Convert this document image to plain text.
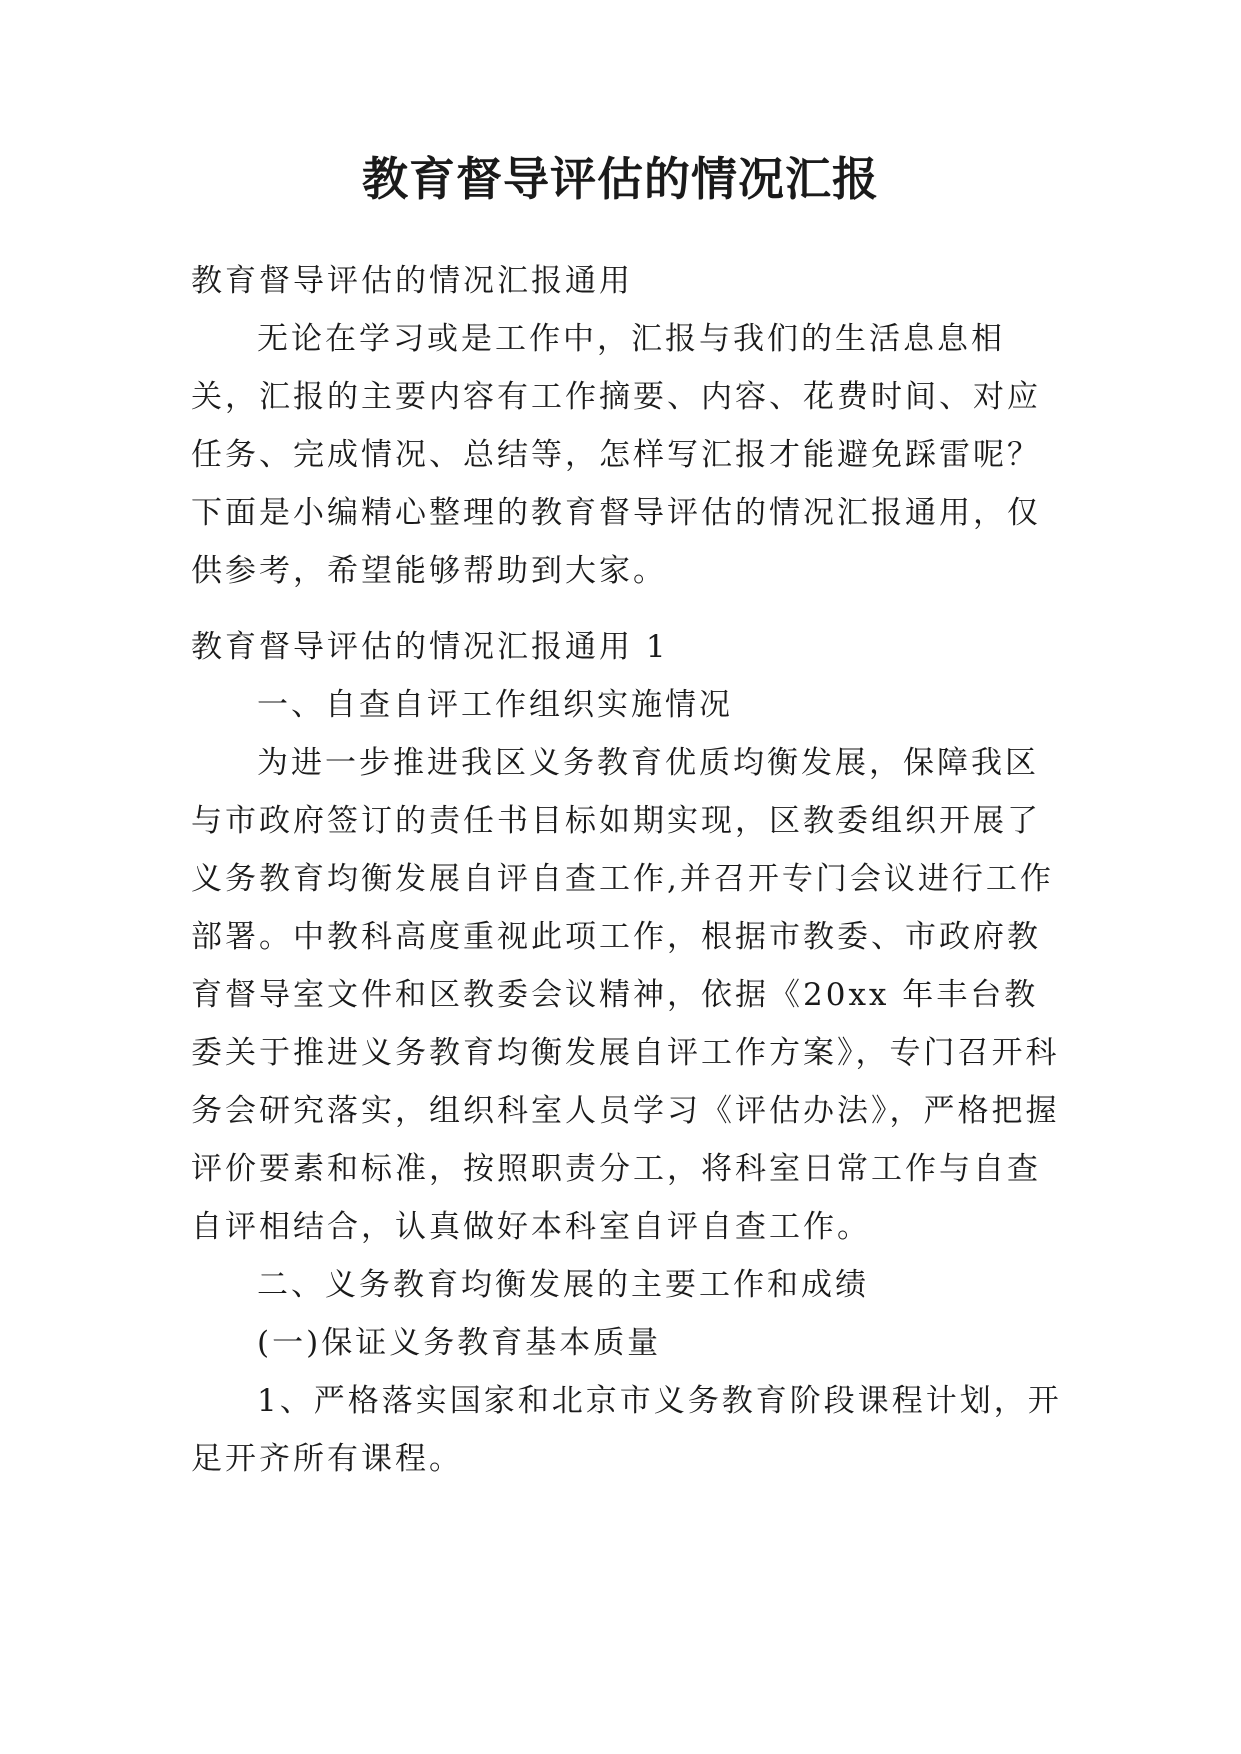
教育督导评估的情况汇报

教育督导评估的情况汇报通用

无论在学习或是工作中，汇报与我们的生活息息相关，汇报的主要内容有工作摘要、内容、花费时间、对应任务、完成情况、总结等，怎样写汇报才能避免踩雷呢？下面是小编精心整理的教育督导评估的情况汇报通用，仅供参考，希望能够帮助到大家。

教育督导评估的情况汇报通用 1

一、自查自评工作组织实施情况

为进一步推进我区义务教育优质均衡发展，保障我区与市政府签订的责任书目标如期实现，区教委组织开展了义务教育均衡发展自评自查工作,并召开专门会议进行工作部署。中教科高度重视此项工作，根据市教委、市政府教育督导室文件和区教委会议精神，依据《20xx 年丰台教委关于推进义务教育均衡发展自评工作方案》，专门召开科务会研究落实，组织科室人员学习《评估办法》，严格把握评价要素和标准，按照职责分工，将科室日常工作与自查自评相结合，认真做好本科室自评自查工作。

二、义务教育均衡发展的主要工作和成绩

(一)保证义务教育基本质量

1、严格落实国家和北京市义务教育阶段课程计划，开足开齐所有课程。
